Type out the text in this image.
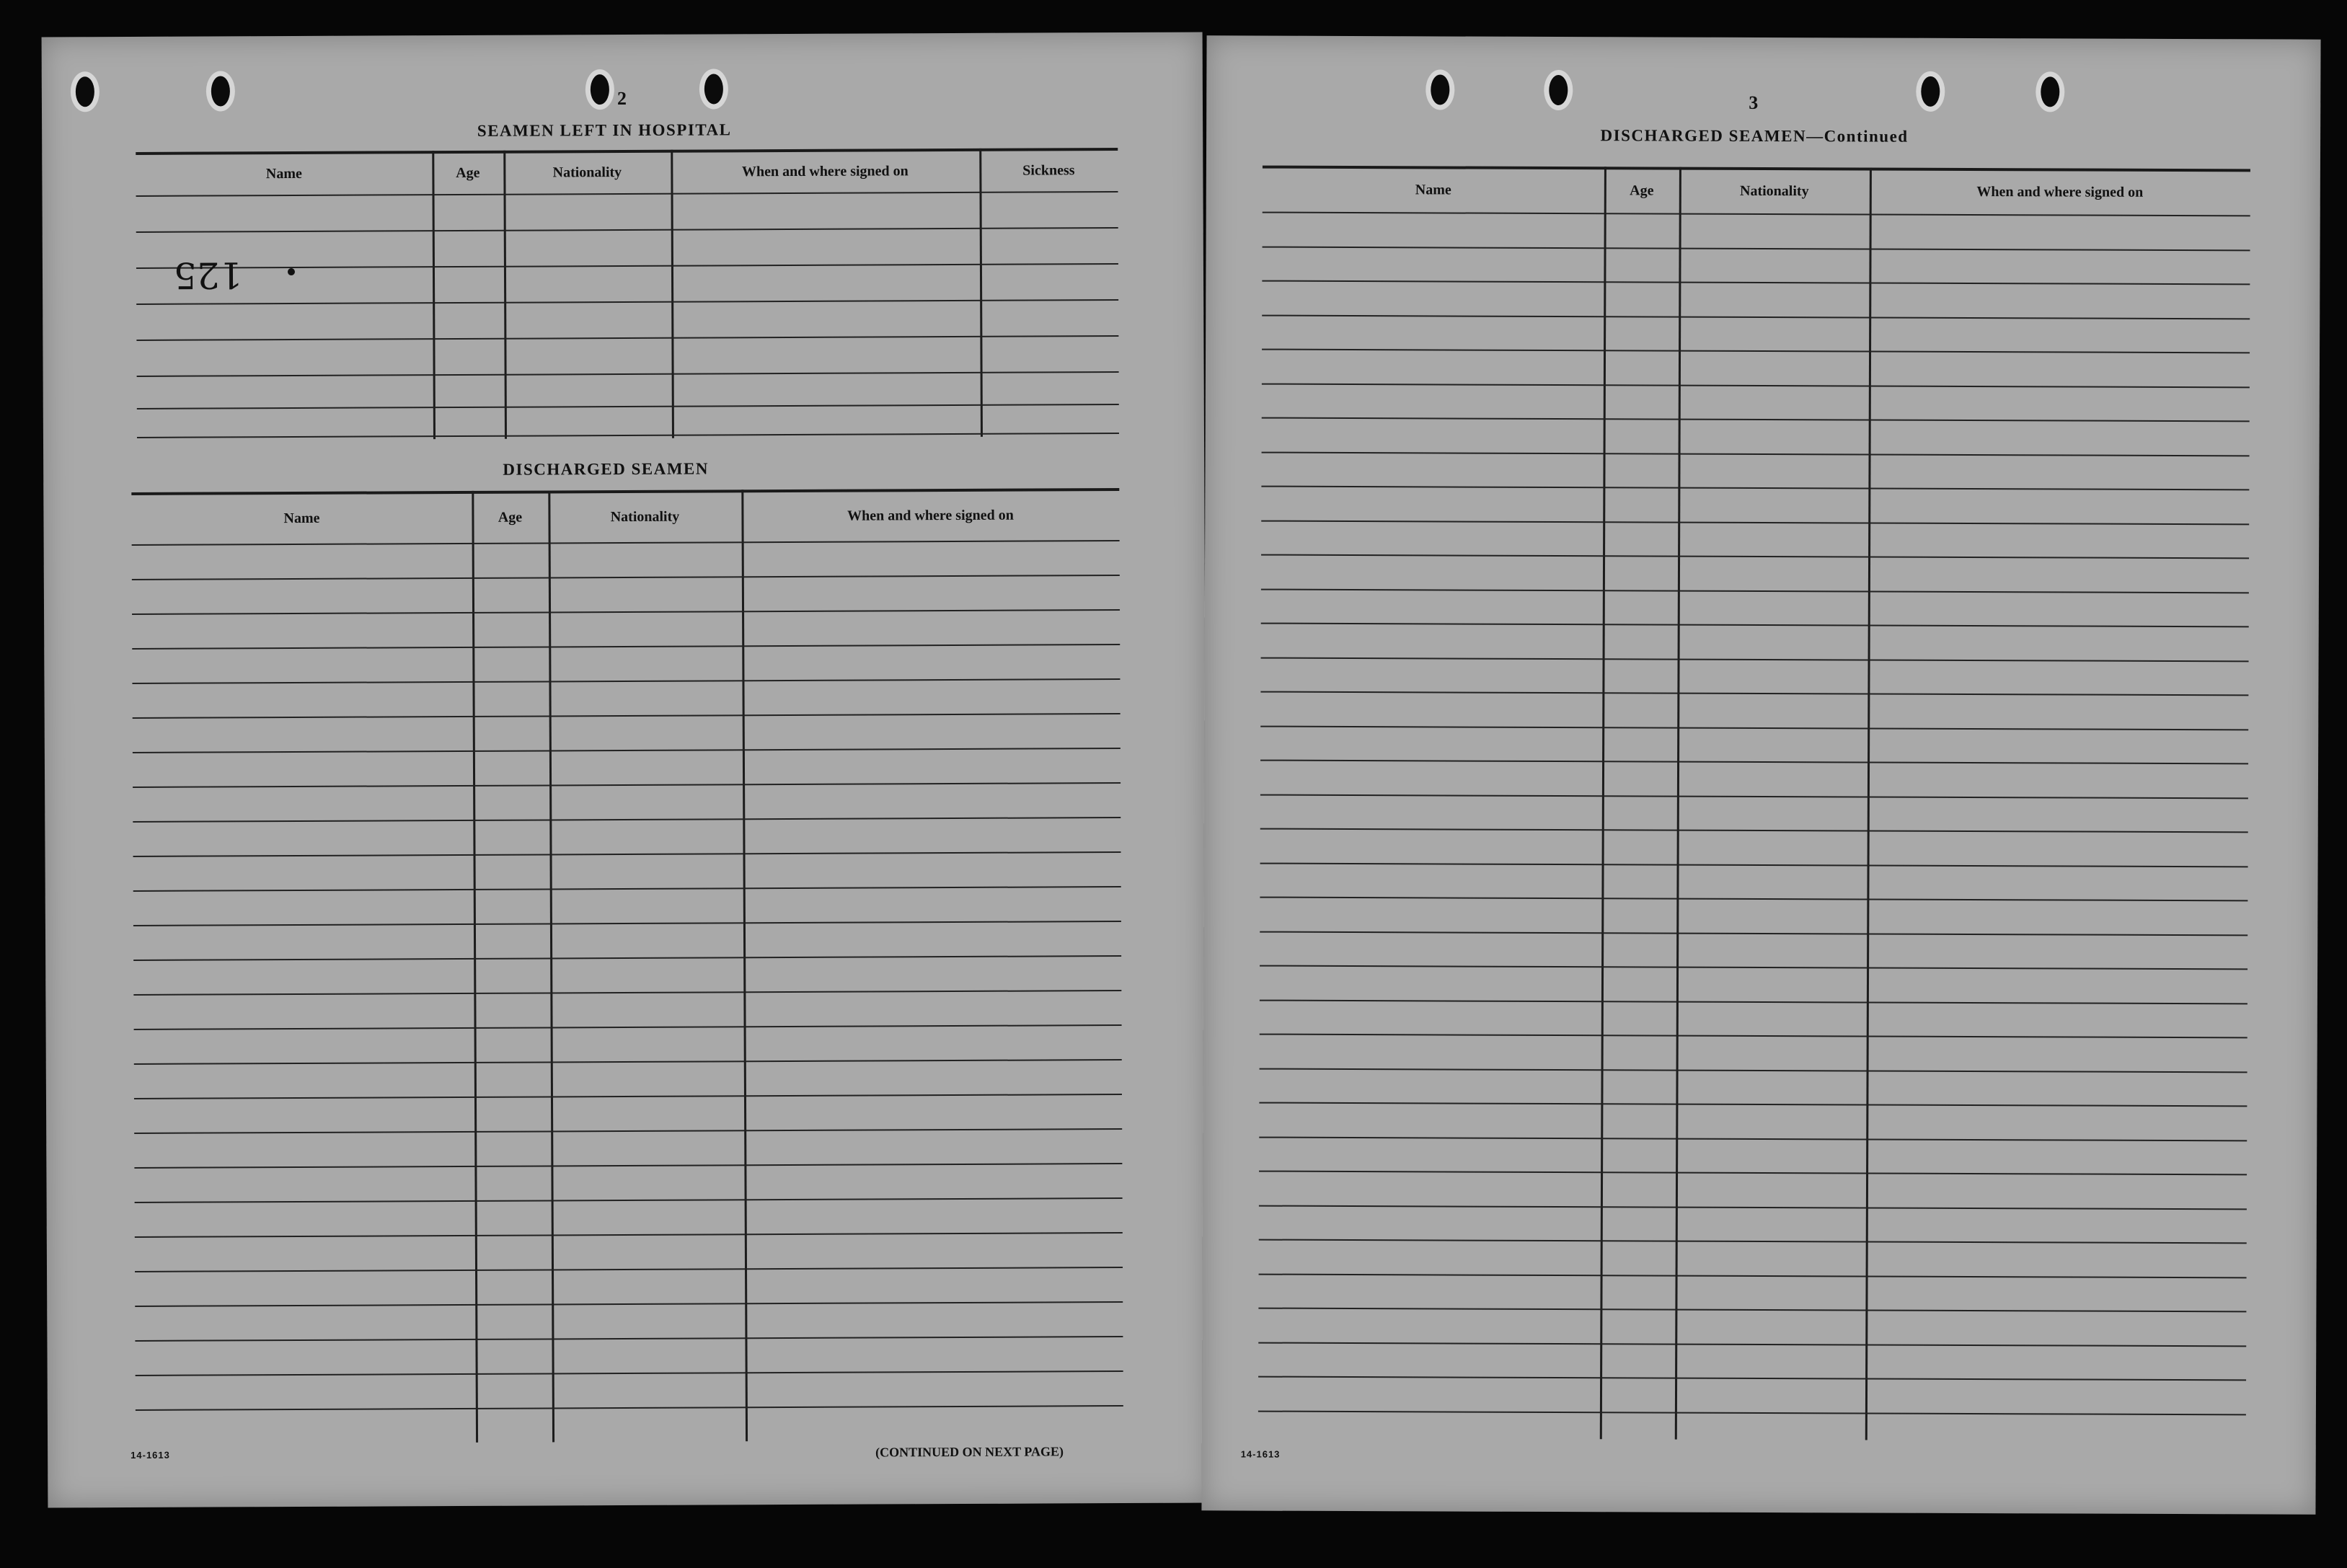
2
SEAMEN LEFT IN HOSPITAL
Name	Age	Nationality	When and where signed on	Sickness
125
DISCHARGED SEAMEN
Name	Age	Nationality	When and where signed on
14-1613	(CONTINUED ON NEXT PAGE)
3
DISCHARGED SEAMEN—Continued
Name	Age	Nationality	When and where signed on
14-1613
